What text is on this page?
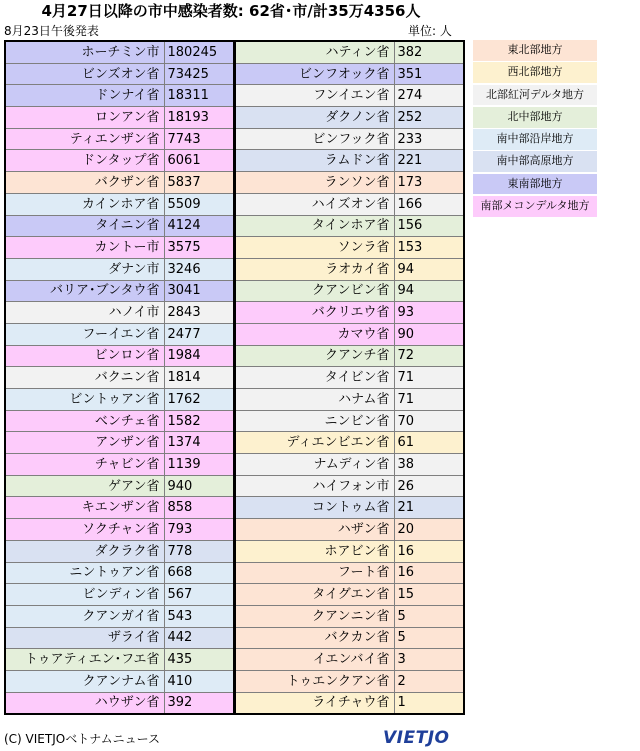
4月27日以降の市中感染者数: 62省･市/計35万4356人
8月23日午後発表	単位: 人
ホーチミン市	180245
ビンズオン省	73425
ドンナイ省	18311
ロンアン省	18193
ティエンザン省	7743
ドンタップ省	6061
バクザン省	5837
カインホア省	5509
タイニン省	4124
カントー市	3575
ダナン市	3246
バリア･ブンタウ省	3041
ハノイ市	2843
フーイエン省	2477
ビンロン省	1984
バクニン省	1814
ビントゥアン省	1762
ベンチェ省	1582
アンザン省	1374
チャビン省	1139
ゲアン省	940
キエンザン省	858
ソクチャン省	793
ダクラク省	778
ニントゥアン省	668
ビンディン省	567
クアンガイ省	543
ザライ省	442
トゥアティエン･フエ省	435
クアンナム省	410
ハウザン省	392
ハティン省	382
ビンフオック省	351
フンイエン省	274
ダクノン省	252
ビンフック省	233
ラムドン省	221
ランソン省	173
ハイズオン省	166
タインホア省	156
ソンラ省	153
ラオカイ省	94
クアンビン省	94
バクリエウ省	93
カマウ省	90
クアンチ省	72
タイビン省	71
ハナム省	71
ニンビン省	70
ディエンビエン省	61
ナムディン省	38
ハイフォン市	26
コントゥム省	21
ハザン省	20
ホアビン省	16
フート省	16
タイグエン省	15
クアンニン省	5
バクカン省	5
イエンバイ省	3
トゥエンクアン省	2
ライチャウ省	1
東北部地方
西北部地方
北部紅河デルタ地方
北中部地方
南中部沿岸地方
南中部高原地方
東南部地方
南部メコンデルタ地方
(C) VIETJOベトナムニュース	VIETJO
